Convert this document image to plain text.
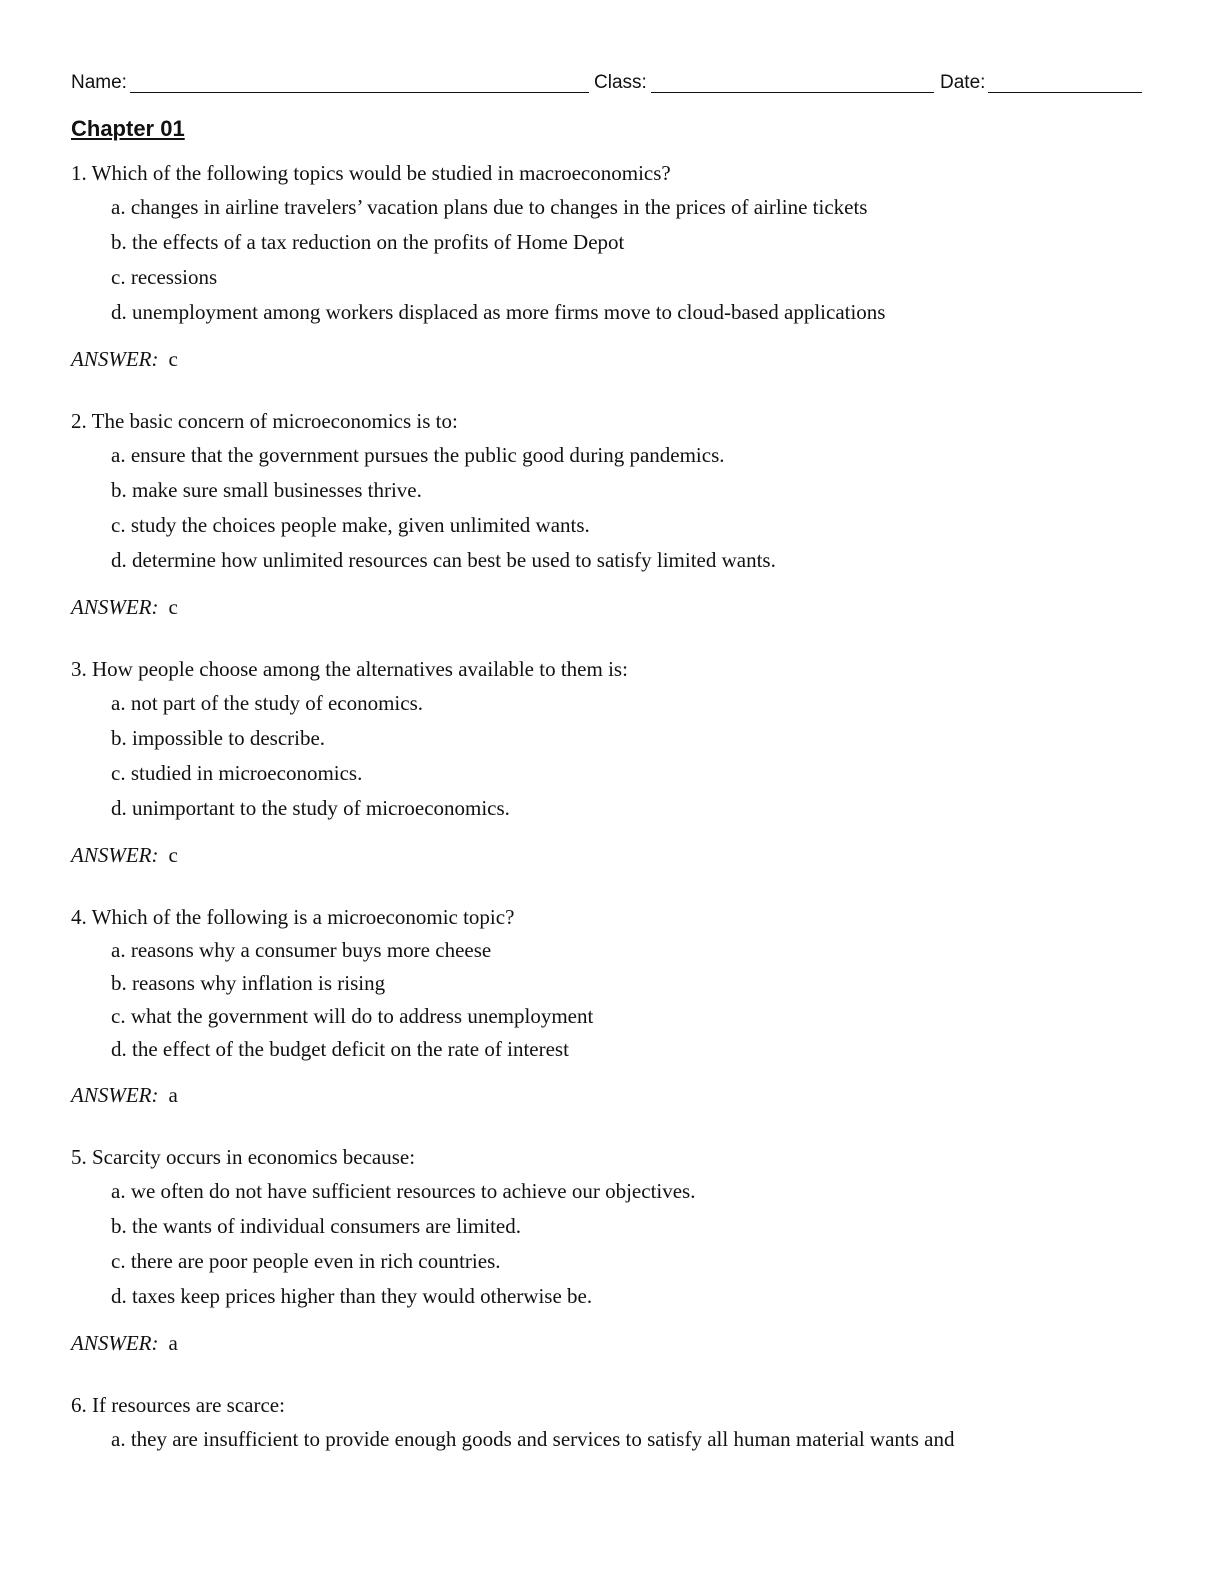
Name:	Class:	Date:
Chapter 01
1. Which of the following topics would be studied in macroeconomics?
a. changes in airline travelers’ vacation plans due to changes in the prices of airline tickets
b. the effects of a tax reduction on the profits of Home Depot
c. recessions
d. unemployment among workers displaced as more firms move to cloud-based applications
ANSWER: c
2. The basic concern of microeconomics is to:
a. ensure that the government pursues the public good during pandemics.
b. make sure small businesses thrive.
c. study the choices people make, given unlimited wants.
d. determine how unlimited resources can best be used to satisfy limited wants.
ANSWER: c
3. How people choose among the alternatives available to them is:
a. not part of the study of economics.
b. impossible to describe.
c. studied in microeconomics.
d. unimportant to the study of microeconomics.
ANSWER: c
4. Which of the following is a microeconomic topic?
a. reasons why a consumer buys more cheese
b. reasons why inflation is rising
c. what the government will do to address unemployment
d. the effect of the budget deficit on the rate of interest
ANSWER: a
5. Scarcity occurs in economics because:
a. we often do not have sufficient resources to achieve our objectives.
b. the wants of individual consumers are limited.
c. there are poor people even in rich countries.
d. taxes keep prices higher than they would otherwise be.
ANSWER: a
6. If resources are scarce:
a. they are insufficient to provide enough goods and services to satisfy all human material wants and
